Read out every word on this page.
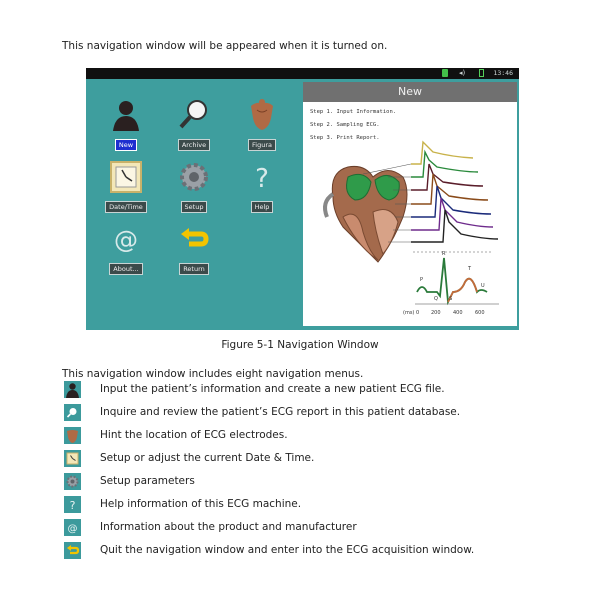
This navigation window will be appeared when it is turned on.
◂)	13:46
New	Archive	Figura
Date/Time	Setup
?
Help
@
About...	Return
New
Step 1. Input Information.
Step 2. Sampling ECG.
Step 3. Print Report.
P
R
Q S
T
U
(ms) 0 200 400 600
Figure 5-1 Navigation Window
This navigation window includes eight navigation menus.
Input the patient’s information and create a new patient ECG file.
Inquire and review the patient’s ECG report in this patient database.
Hint the location of ECG electrodes.
Setup or adjust the current Date & Time.
Setup parameters
? Help information of this ECG machine.
@ Information about the product and manufacturer
Quit the navigation window and enter into the ECG acquisition window.
